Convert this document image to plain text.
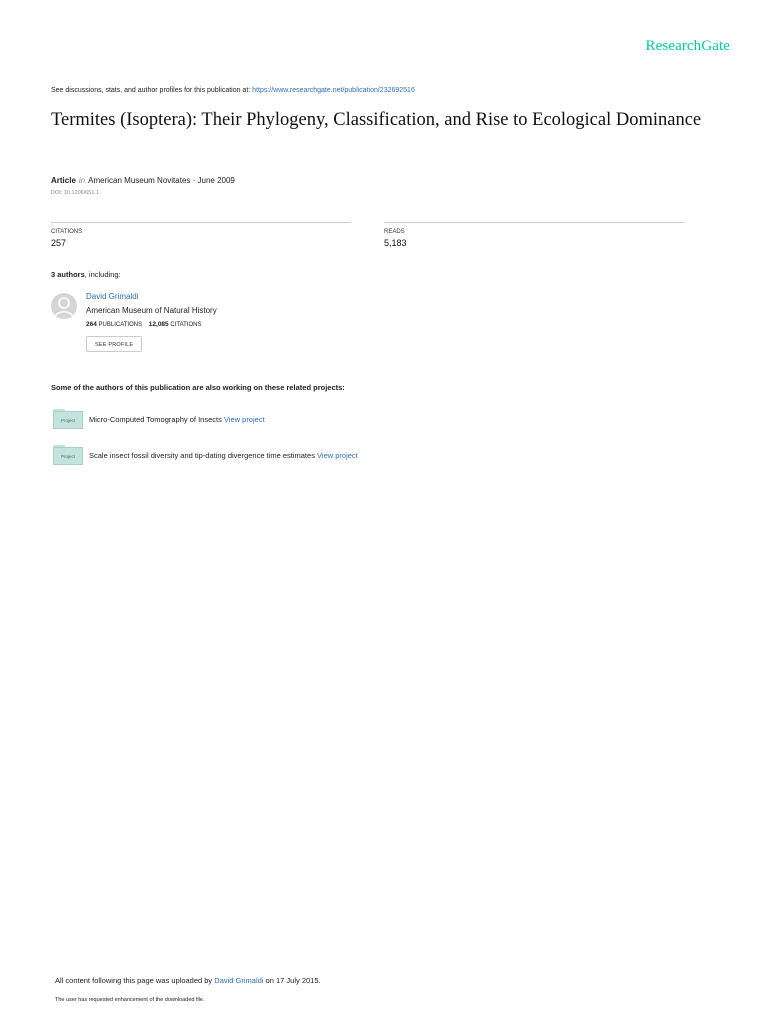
ResearchGate
See discussions, stats, and author profiles for this publication at: https://www.researchgate.net/publication/232692516
Termites (Isoptera): Their Phylogeny, Classification, and Rise to Ecological Dominance
Article in American Museum Novitates · June 2009
DOI: 10.1206/651.1
CITATIONS
257
READS
5,183
3 authors, including:
David Grimaldi
American Museum of Natural History
264 PUBLICATIONS 12,085 CITATIONS
SEE PROFILE
Some of the authors of this publication are also working on these related projects:
Project	Micro-Computed Tomography of Insects View project
Project	Scale insect fossil diversity and tip-dating divergence time estimates View project
All content following this page was uploaded by David Grimaldi on 17 July 2015.
The user has requested enhancement of the downloaded file.
